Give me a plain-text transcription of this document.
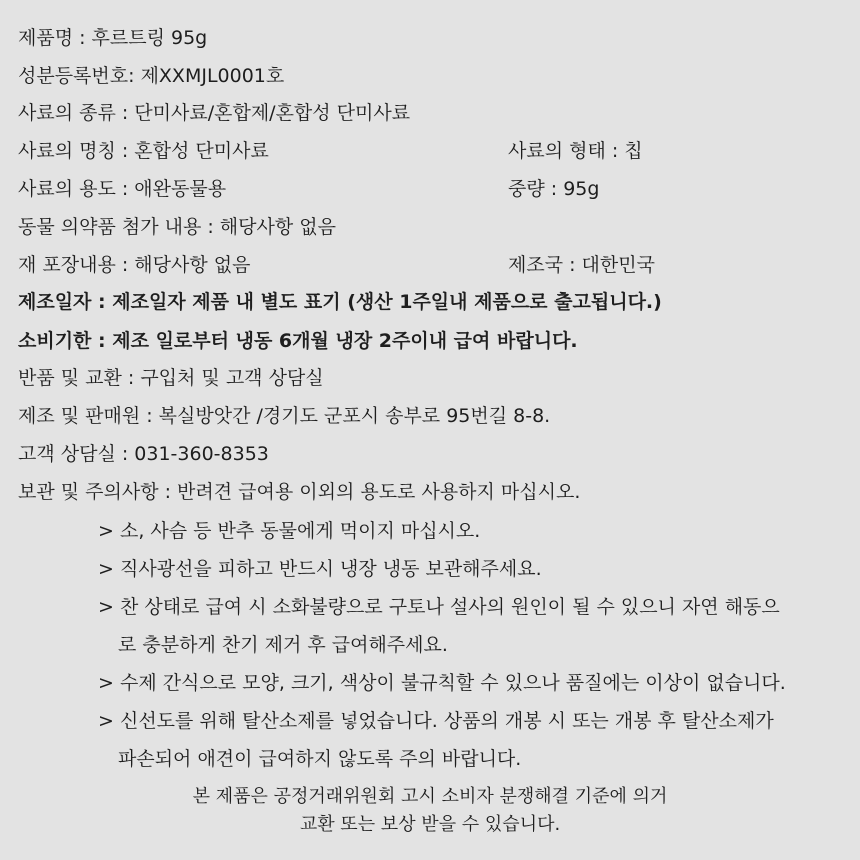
제품명 : 후르트링 95g
성분등록번호: 제XXMJL0001호
사료의 종류 : 단미사료/혼합제/혼합성 단미사료
사료의 명칭 : 혼합성 단미사료	사료의 형태 : 칩
사료의 용도 : 애완동물용	중량 : 95g
동물 의약품 첨가 내용 : 해당사항 없음
재 포장내용 : 해당사항 없음	제조국 : 대한민국
제조일자 : 제조일자 제품 내 별도 표기 (생산 1주일내 제품으로 출고됩니다.)
소비기한 : 제조 일로부터 냉동 6개월 냉장 2주이내 급여 바랍니다.
반품 및 교환 : 구입처 및 고객 상담실
제조 및 판매원 : 복실방앗간 /경기도 군포시 송부로 95번길 8-8.
고객 상담실 : 031-360-8353
보관 및 주의사항 : 반려견 급여용 이외의 용도로 사용하지 마십시오.
> 소, 사슴 등 반추 동물에게 먹이지 마십시오.
> 직사광선을 피하고 반드시 냉장 냉동 보관해주세요.
> 찬 상태로 급여 시 소화불량으로 구토나 설사의 원인이 될 수 있으니 자연 해동으
로 충분하게 찬기 제거 후 급여해주세요.
> 수제 간식으로 모양, 크기, 색상이 불규칙할 수 있으나 품질에는 이상이 없습니다.
> 신선도를 위해 탈산소제를 넣었습니다. 상품의 개봉 시 또는 개봉 후 탈산소제가
파손되어 애견이 급여하지 않도록 주의 바랍니다.
본 제품은 공정거래위원회 고시 소비자 분쟁해결 기준에 의거
교환 또는 보상 받을 수 있습니다.
